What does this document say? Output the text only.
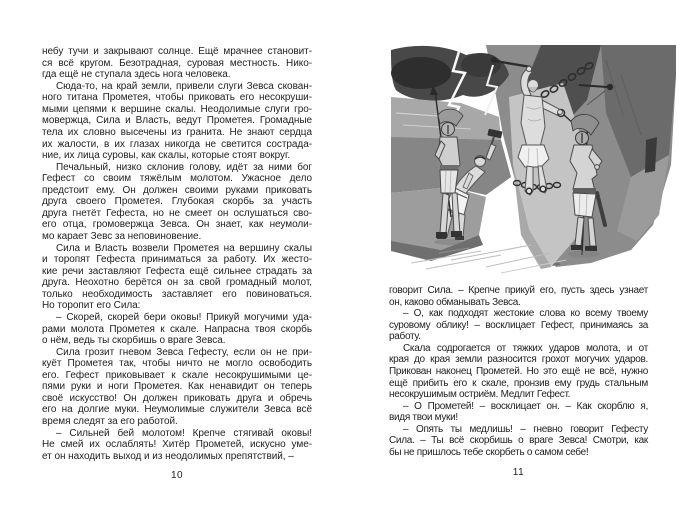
небу тучи и закрывают солнце. Ещё мрачнее становит-
ся всё кругом. Безотрадная, суровая местность. Нико-
гда ещё не ступала здесь нога человека.
Сюда-то, на край земли, привели слуги Зевса скован-
ного титана Прометея, чтобы приковать его несокруши-
мыми цепями к вершине скалы. Неодолимые слуги гро-
мовержца, Сила и Власть, ведут Прометея. Громадные
тела их словно высечены из гранита. Не знают сердца
их жалости, в их глазах никогда не светится сострада-
ние, их лица суровы, как скалы, которые стоят вокруг.
Печальный, низко склонив голову, идёт за ними бог
Гефест со своим тяжёлым молотом. Ужасное дело
предстоит ему. Он должен своими руками приковать
друга своего Прометея. Глубокая скорбь за участь
друга гнетёт Гефеста, но не смеет он ослушаться сво-
его отца, громовержца Зевса. Он знает, как неумоли-
мо карает Зевс за неповиновение.
Сила и Власть возвели Прометея на вершину скалы
и торопят Гефеста приниматься за работу. Их жесто-
кие речи заставляют Гефеста ещё сильнее страдать за
друга. Неохотно берётся он за свой громадный молот,
только необходимость заставляет его повиноваться.
Но торопит его Сила:
– Скорей, скорей бери оковы! Прикуй могучими уда-
рами молота Прометея к скале. Напрасна твоя скорбь
о нём, ведь ты скорбишь о враге Зевса.
Сила грозит гневом Зевса Гефесту, если он не при-
куёт Прометея так, чтобы ничто не могло освободить
его. Гефест приковывает к скале несокрушимыми це-
пями руки и ноги Прометея. Как ненавидит он теперь
своё искусство! Он должен приковать друга и обречь
его на долгие муки. Неумолимые служители Зевса всё
время следят за его работой.
– Сильней бей молотом! Крепче стягивай оковы!
Не смей их ослаблять! Хитёр Прометей, искусно уме-
ет он находить выход и из неодолимых препятствий, –
10
говорит Сила. – Крепче прикуй его, пусть здесь узнает
он, каково обманывать Зевса.
– О, как подходят жестокие слова ко всему твоему
суровому облику! – восклицает Гефест, принимаясь за
работу.
Скала содрогается от тяжких ударов молота, и от
края до края земли разносится грохот могучих ударов.
Прикован наконец Прометей. Но это ещё не всё, нужно
ещё прибить его к скале, пронзив ему грудь стальным
несокрушимым остриём. Медлит Гефест.
– О Прометей! – восклицает он. – Как скорблю я,
видя твои муки!
– Опять ты медлишь! – гневно говорит Гефесту
Сила. – Ты всё скорбишь о враге Зевса! Смотри, как
бы не пришлось тебе скорбеть о самом себе!
11
